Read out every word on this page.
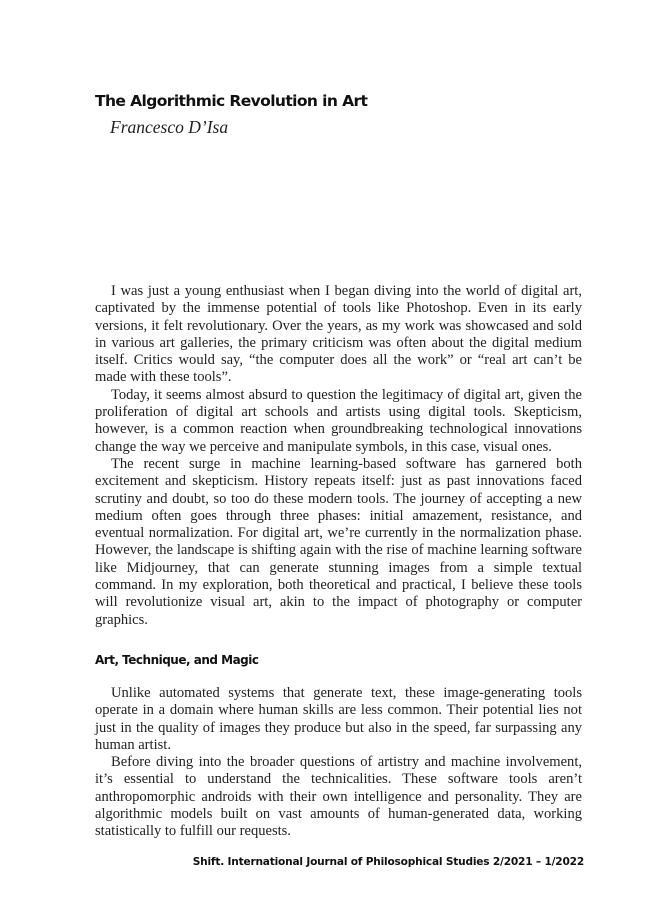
The Algorithmic Revolution in Art
Francesco D’Isa

I was just a young enthusiast when I began diving into the world of digital art, captivated by the immense potential of tools like Photoshop. Even in its early versions, it felt revolutionary. Over the years, as my work was showcased and sold in various art galleries, the primary criticism was often about the digital medium itself. Critics would say, “the computer does all the work” or “real art can’t be made with these tools”.

Today, it seems almost absurd to question the legitimacy of digital art, given the proliferation of digital art schools and artists using digital tools. Skepticism, however, is a common reaction when groundbreaking technological innovations change the way we perceive and manipulate symbols, in this case, visual ones.

The recent surge in machine learning-based software has garnered both excitement and skepticism. History repeats itself: just as past innovations faced scrutiny and doubt, so too do these modern tools. The journey of accepting a new medium often goes through three phases: initial amazement, resistance, and eventual normalization. For digital art, we’re currently in the normalization phase. However, the landscape is shifting again with the rise of machine learning software like Midjourney, that can generate stunning images from a simple textual command. In my exploration, both theoretical and practical, I believe these tools will revolutionize visual art, akin to the impact of photography or computer graphics.

Art, Technique, and Magic

Unlike automated systems that generate text, these image-generating tools operate in a domain where human skills are less common. Their potential lies not just in the quality of images they produce but also in the speed, far surpassing any human artist.

Before diving into the broader questions of artistry and machine involvement, it’s essential to understand the technicalities. These software tools aren’t anthropomorphic androids with their own intelligence and personality. They are algorithmic models built on vast amounts of human-generated data, working statistically to fulfill our requests.

Shift. International Journal of Philosophical Studies 2/2021 – 1/2022
